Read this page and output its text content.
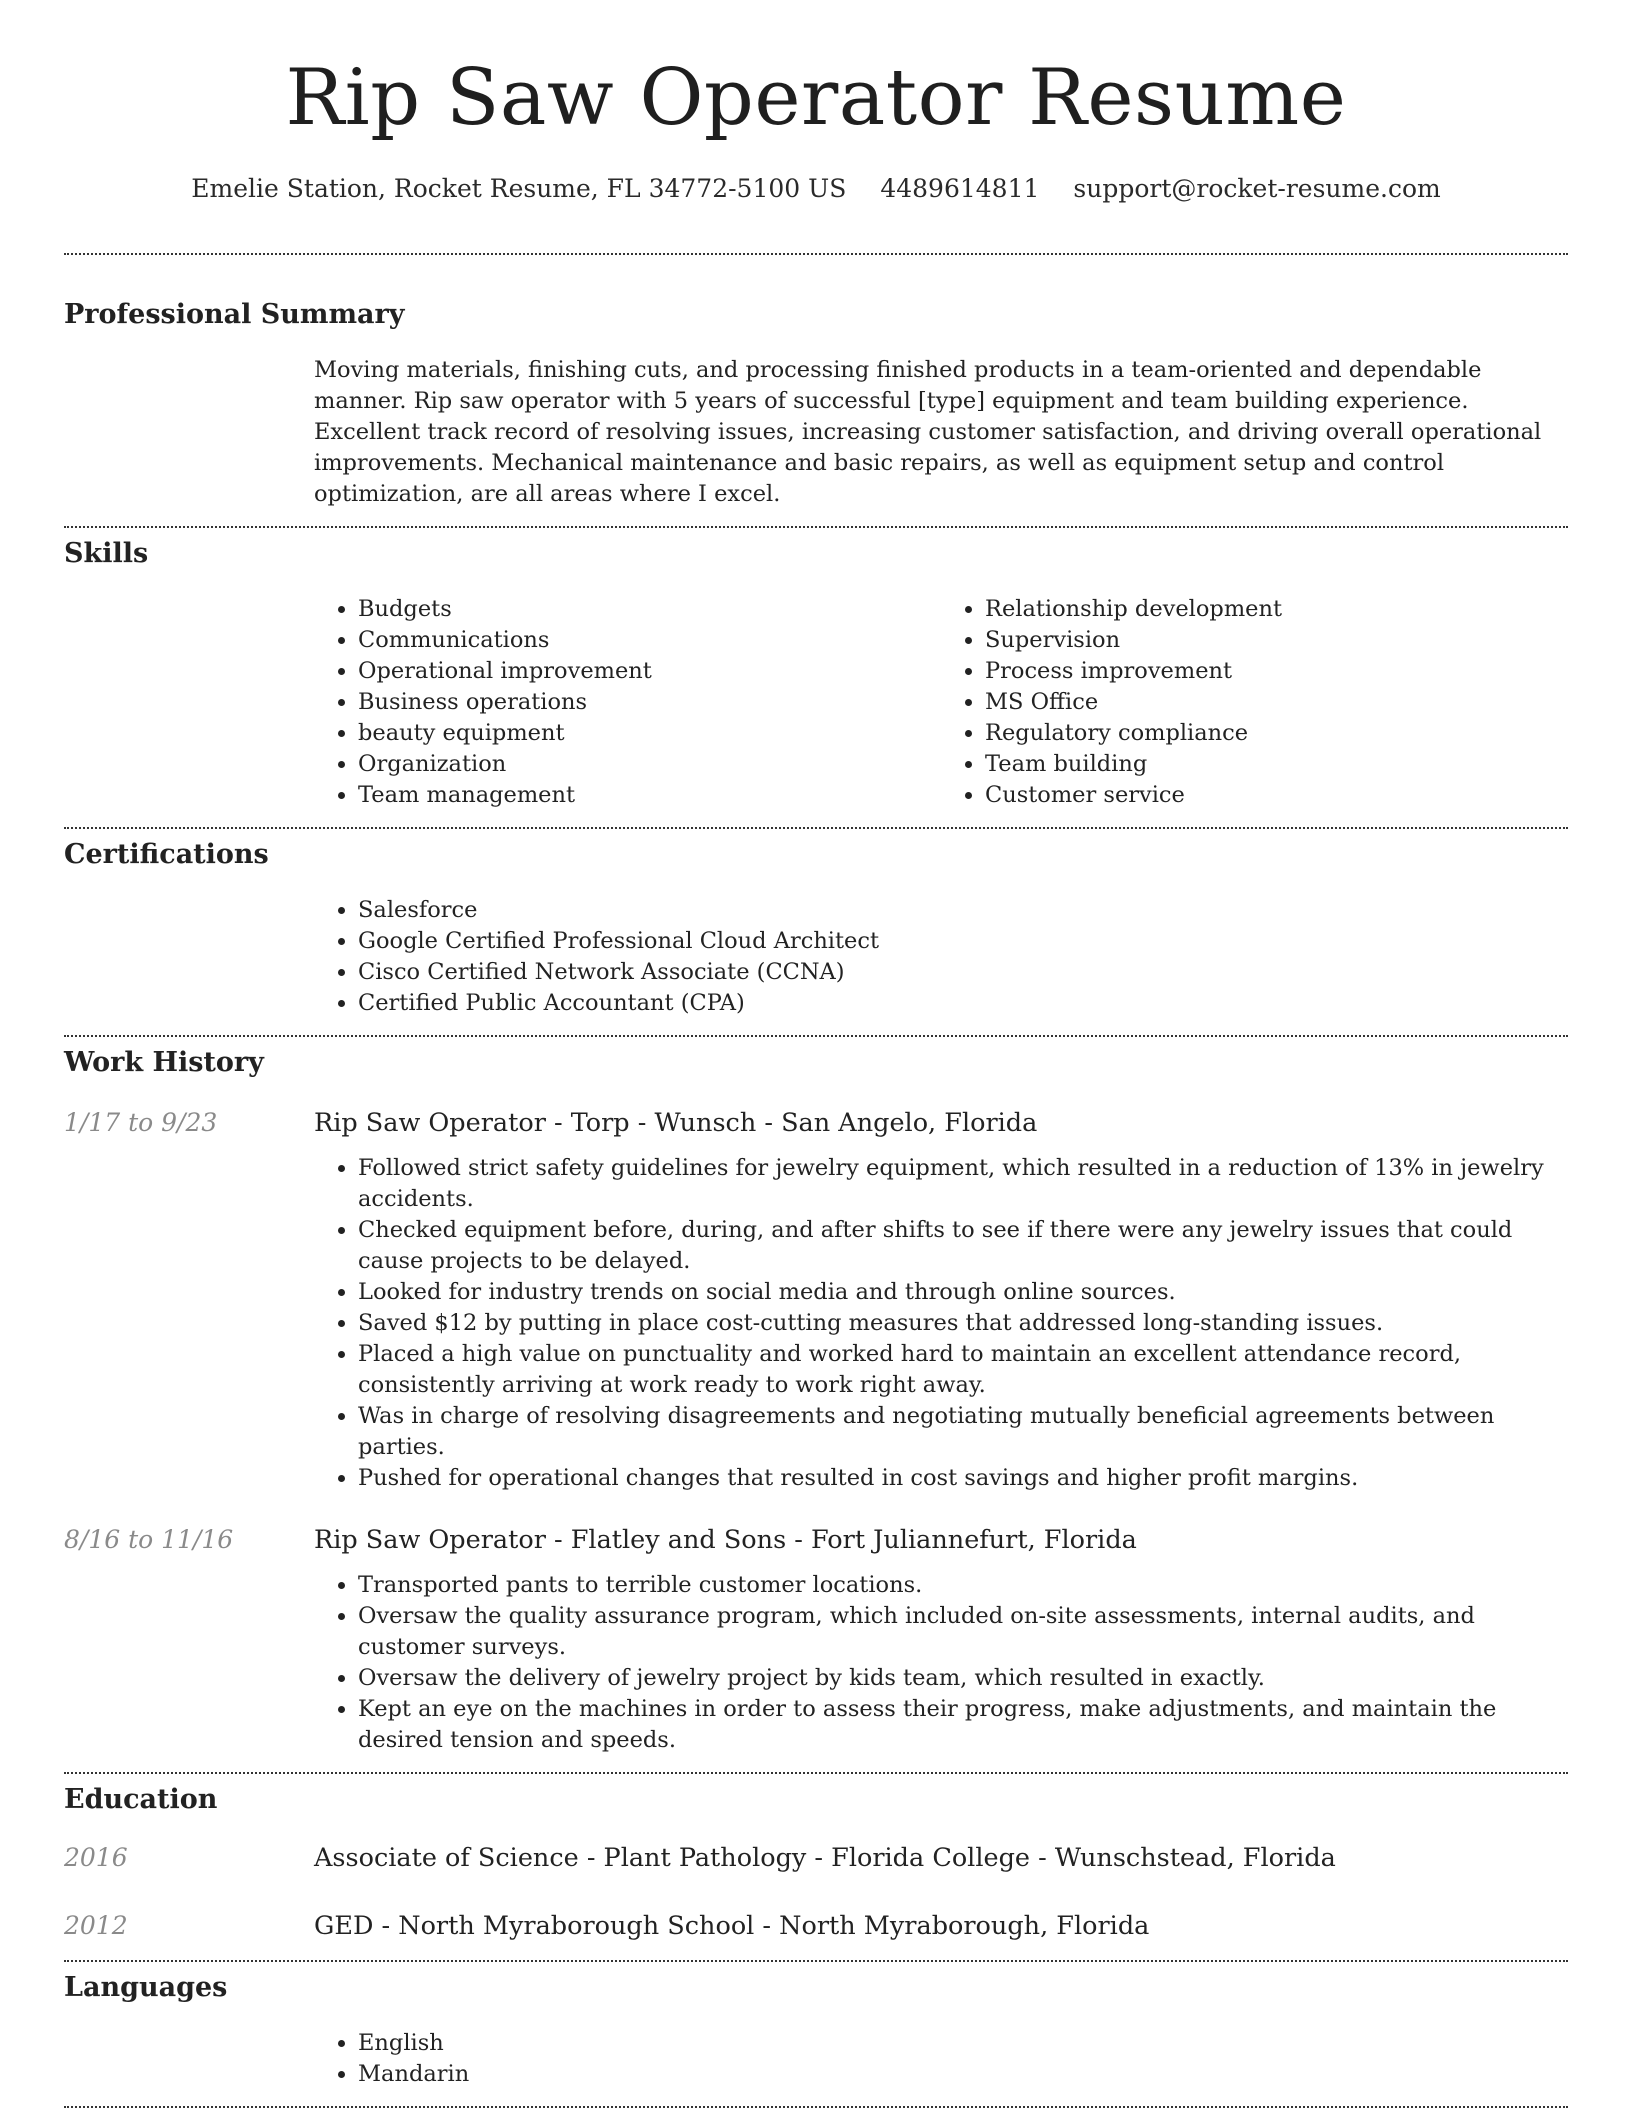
Rip Saw Operator Resume
Emelie Station, Rocket Resume, FL 34772-5100 US 4489614811 support@rocket-resume.com
Professional Summary

Moving materials, finishing cuts, and processing finished products in a team-oriented and dependable manner. Rip saw operator with 5 years of successful [type] equipment and team building experience. Excellent track record of resolving issues, increasing customer satisfaction, and driving overall operational improvements. Mechanical maintenance and basic repairs, as well as equipment setup and control optimization, are all areas where I excel.

Skills
• Budgets
• Communications
• Operational improvement
• Business operations
• beauty equipment
• Organization
• Team management
• Relationship development
• Supervision
• Process improvement
• MS Office
• Regulatory compliance
• Team building
• Customer service
Certifications
• Salesforce
• Google Certified Professional Cloud Architect
• Cisco Certified Network Associate (CCNA)
• Certified Public Accountant (CPA)
Work History
1/17 to 9/23	Rip Saw Operator - Torp - Wunsch - San Angelo, Florida

• Followed strict safety guidelines for jewelry equipment, which resulted in a reduction of 13% in jewelry accidents.
• Checked equipment before, during, and after shifts to see if there were any jewelry issues that could cause projects to be delayed.
• Looked for industry trends on social media and through online sources.
• Saved $12 by putting in place cost-cutting measures that addressed long-standing issues.
• Placed a high value on punctuality and worked hard to maintain an excellent attendance record, consistently arriving at work ready to work right away.
• Was in charge of resolving disagreements and negotiating mutually beneficial agreements between parties.
• Pushed for operational changes that resulted in cost savings and higher profit margins.
8/16 to 11/16	Rip Saw Operator - Flatley and Sons - Fort Juliannefurt, Florida

• Transported pants to terrible customer locations.
• Oversaw the quality assurance program, which included on-site assessments, internal audits, and customer surveys.
• Oversaw the delivery of jewelry project by kids team, which resulted in exactly.
• Kept an eye on the machines in order to assess their progress, make adjustments, and maintain the desired tension and speeds.
Education
2016	Associate of Science - Plant Pathology - Florida College - Wunschstead, Florida

2012	GED - North Myraborough School - North Myraborough, Florida

Languages
• English
• Mandarin
